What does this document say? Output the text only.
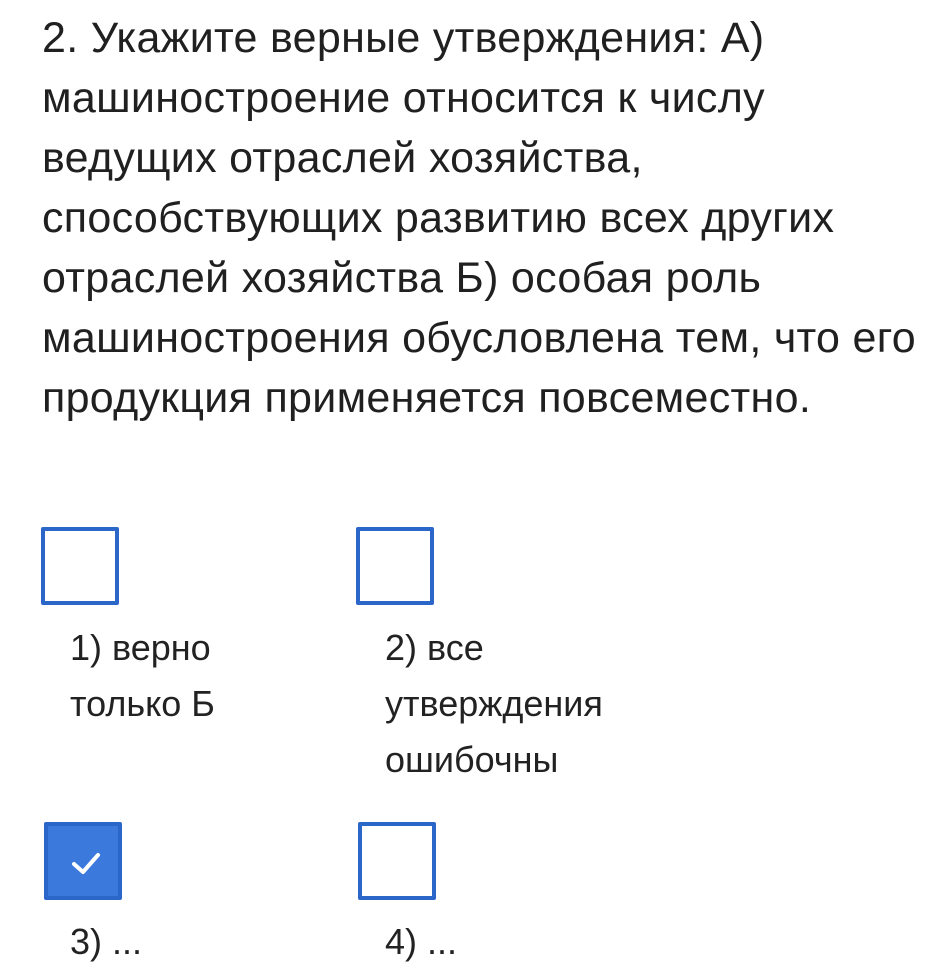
2. Укажите верные утверждения: А) машиностроение относится к числу ведущих отраслей хозяйства, способствующих развитию всех других отраслей хозяйства Б) особая роль машиностроения обусловлена тем, что его продукция применяется повсеместно.

1) верно только Б
2) все утверждения ошибочны
3) ...	4) ...
